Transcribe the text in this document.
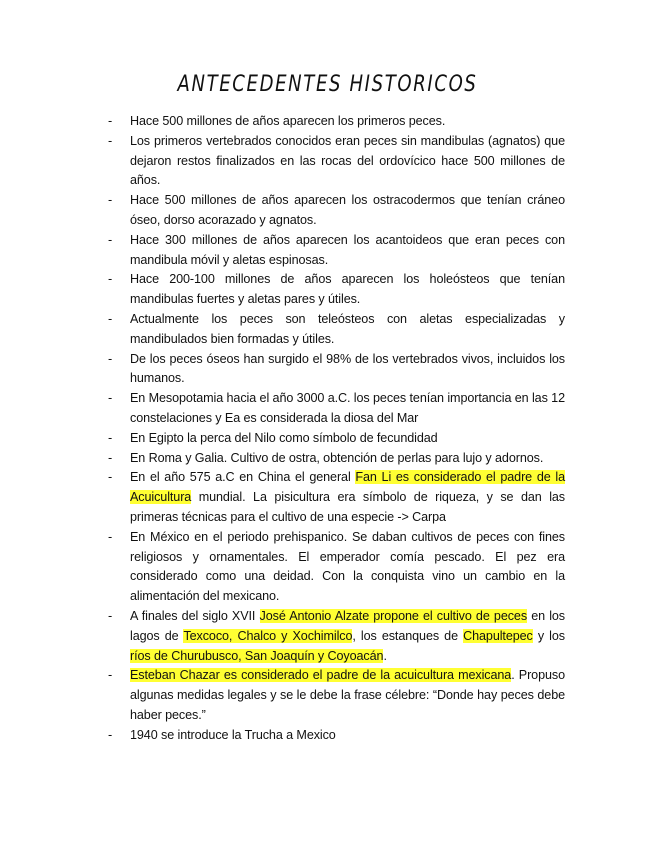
ANTECEDENTES HISTORICOS
- Hace 500 millones de años aparecen los primeros peces.
- Los primeros vertebrados conocidos eran peces sin mandibulas (agnatos) que dejaron restos finalizados en las rocas del ordovícico hace 500 millones de años.
- Hace 500 millones de años aparecen los ostracodermos que tenían cráneo óseo, dorso acorazado y agnatos.
- Hace 300 millones de años aparecen los acantoideos que eran peces con mandibula móvil y aletas espinosas.
- Hace 200-100 millones de años aparecen los holeósteos que tenían mandibulas fuertes y aletas pares y útiles.
- Actualmente los peces son teleósteos con aletas especializadas y mandibulados bien formadas y útiles.
- De los peces óseos han surgido el 98% de los vertebrados vivos, incluidos los humanos.
- En Mesopotamia hacia el año 3000 a.C. los peces tenían importancia en las 12 constelaciones y Ea es considerada la diosa del Mar
- En Egipto la perca del Nilo como símbolo de fecundidad
- En Roma y Galia. Cultivo de ostra, obtención de perlas para lujo y adornos.
- En el año 575 a.C en China el general Fan Li es considerado el padre de la Acuicultura mundial. La pisicultura era símbolo de riqueza, y se dan las primeras técnicas para el cultivo de una especie -> Carpa
- En México en el periodo prehispanico. Se daban cultivos de peces con fines religiosos y ornamentales. El emperador comía pescado. El pez era considerado como una deidad. Con la conquista vino un cambio en la alimentación del mexicano.
- A finales del siglo XVII José Antonio Alzate propone el cultivo de peces en los lagos de Texcoco, Chalco y Xochimilco, los estanques de Chapultepec y los ríos de Churubusco, San Joaquín y Coyoacán.
- Esteban Chazar es considerado el padre de la acuicultura mexicana. Propuso algunas medidas legales y se le debe la frase célebre: “Donde hay peces debe haber peces.”
- 1940 se introduce la Trucha a Mexico
